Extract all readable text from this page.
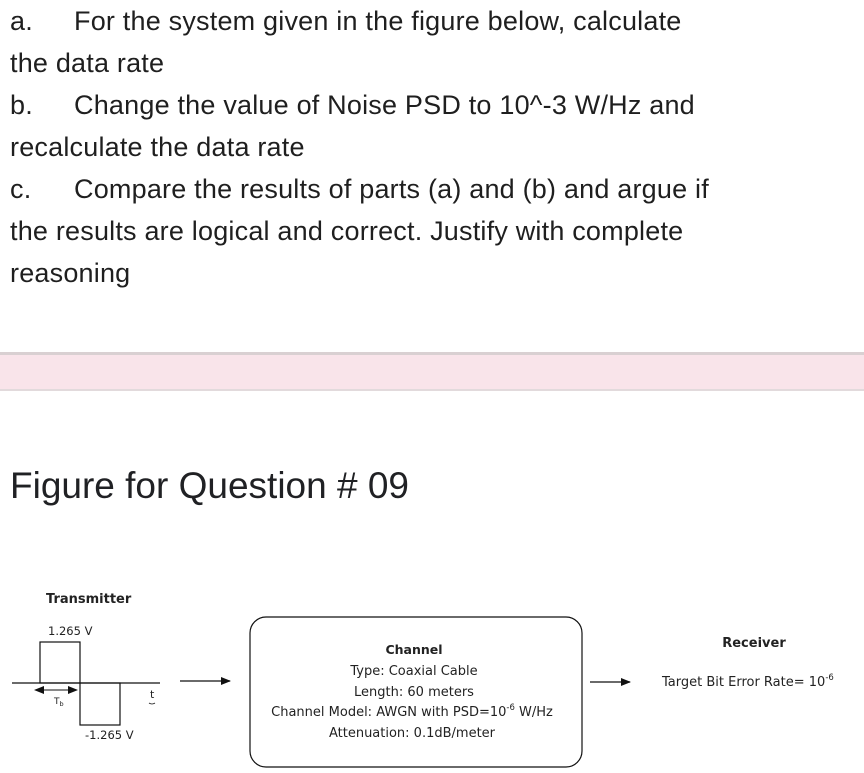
a. For the system given in the figure below, calculate
the data rate

b. Change the value of Noise PSD to 10^-3 W/Hz and
recalculate the data rate

c. Compare the results of parts (a) and (b) and argue if
the results are logical and correct. Justify with complete
reasoning

Figure for Question # 09
Transmitter
1.265 V
$T_b$
t
-1.265 V
Channel
Type: Coaxial Cable
Length: 60 meters
Channel Model: AWGN with $PSD=10^{-6}$ W/Hz
Attenuation: 0.1dB/meter
Receiver
Target Bit Error Rate= $10^{-6}$
